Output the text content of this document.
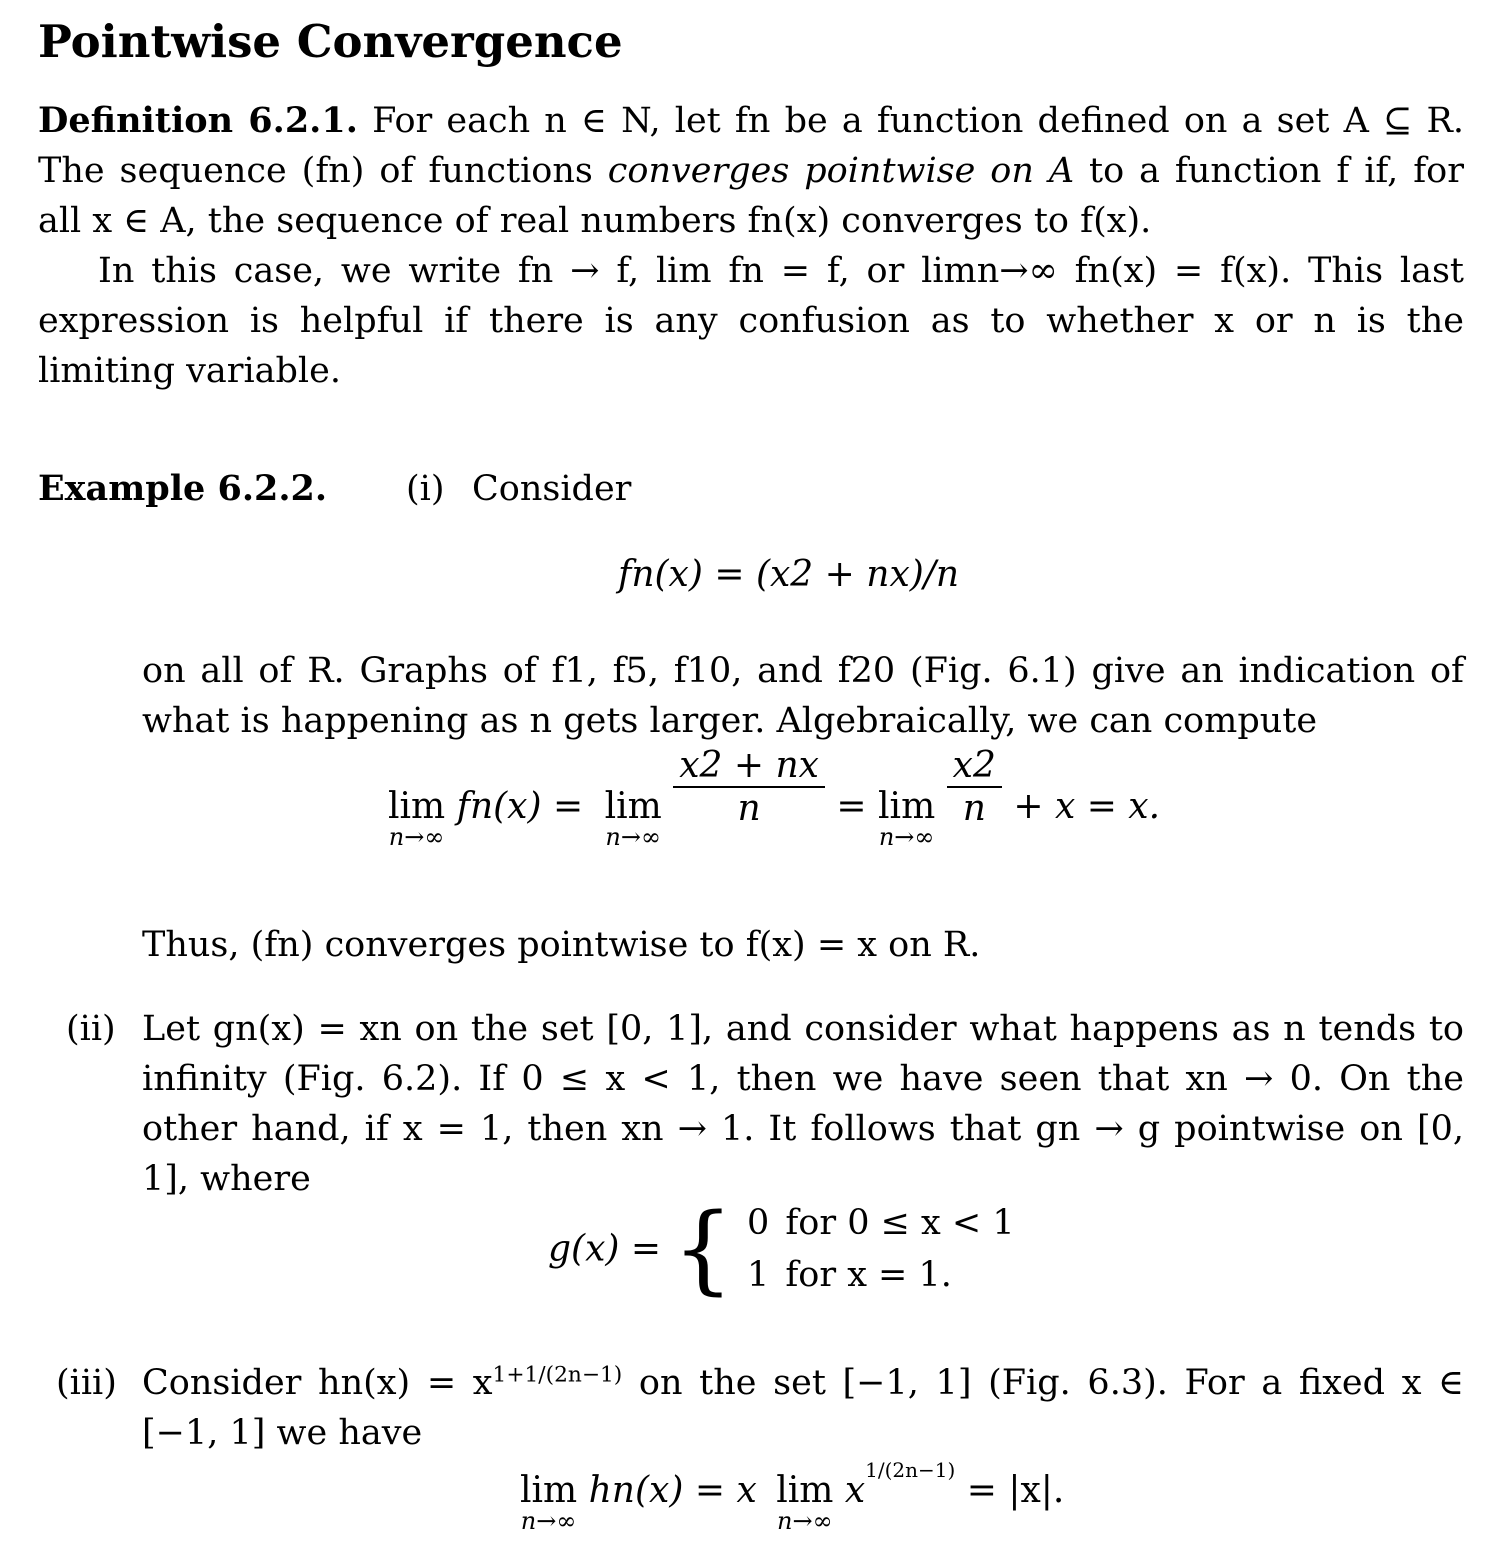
Pointwise Convergence
Definition 6.2.1. For each n ∈ N, let fn be a function defined on a set A ⊆ R. The sequence (fn) of functions converges pointwise on A to a function f if, for all x ∈ A, the sequence of real numbers fn(x) converges to f(x).
In this case, we write fn → f, lim fn = f, or limn→∞ fn(x) = f(x). This last expression is helpful if there is any confusion as to whether x or n is the limiting variable.
Example 6.2.2. (i) Consider
fn(x) = (x2 + nx)/n
on all of R. Graphs of f1, f5, f10, and f20 (Fig. 6.1) give an indication of what is happening as n gets larger. Algebraically, we can compute
lim
n→∞
fn(x) = lim
n→∞

$\frac{x2 + nx}{n} = \lim$
n→∞

$\frac{x2}{n} + x = x$.
Thus, (fn) converges pointwise to f(x) = x on R.
(ii) Let gn(x) = xn on the set [0, 1], and consider what happens as n tends to infinity (Fig. 6.2). If 0 ≤ x < 1, then we have seen that xn → 0. On the other hand, if x = 1, then xn → 1. It follows that gn → g pointwise on [0, 1], where
g(x) = { 0	for 0 ≤ x < 1
1	for x = 1.
(iii) Consider $hn(x) = x^{1+1/(2n-1)}$ on the set [−1, 1] (Fig. 6.3). For a fixed x ∈ [−1, 1] we have
lim
n→∞
hn(x) = x lim
n→∞
$x^{1/(2n-1)} = |x|$.
